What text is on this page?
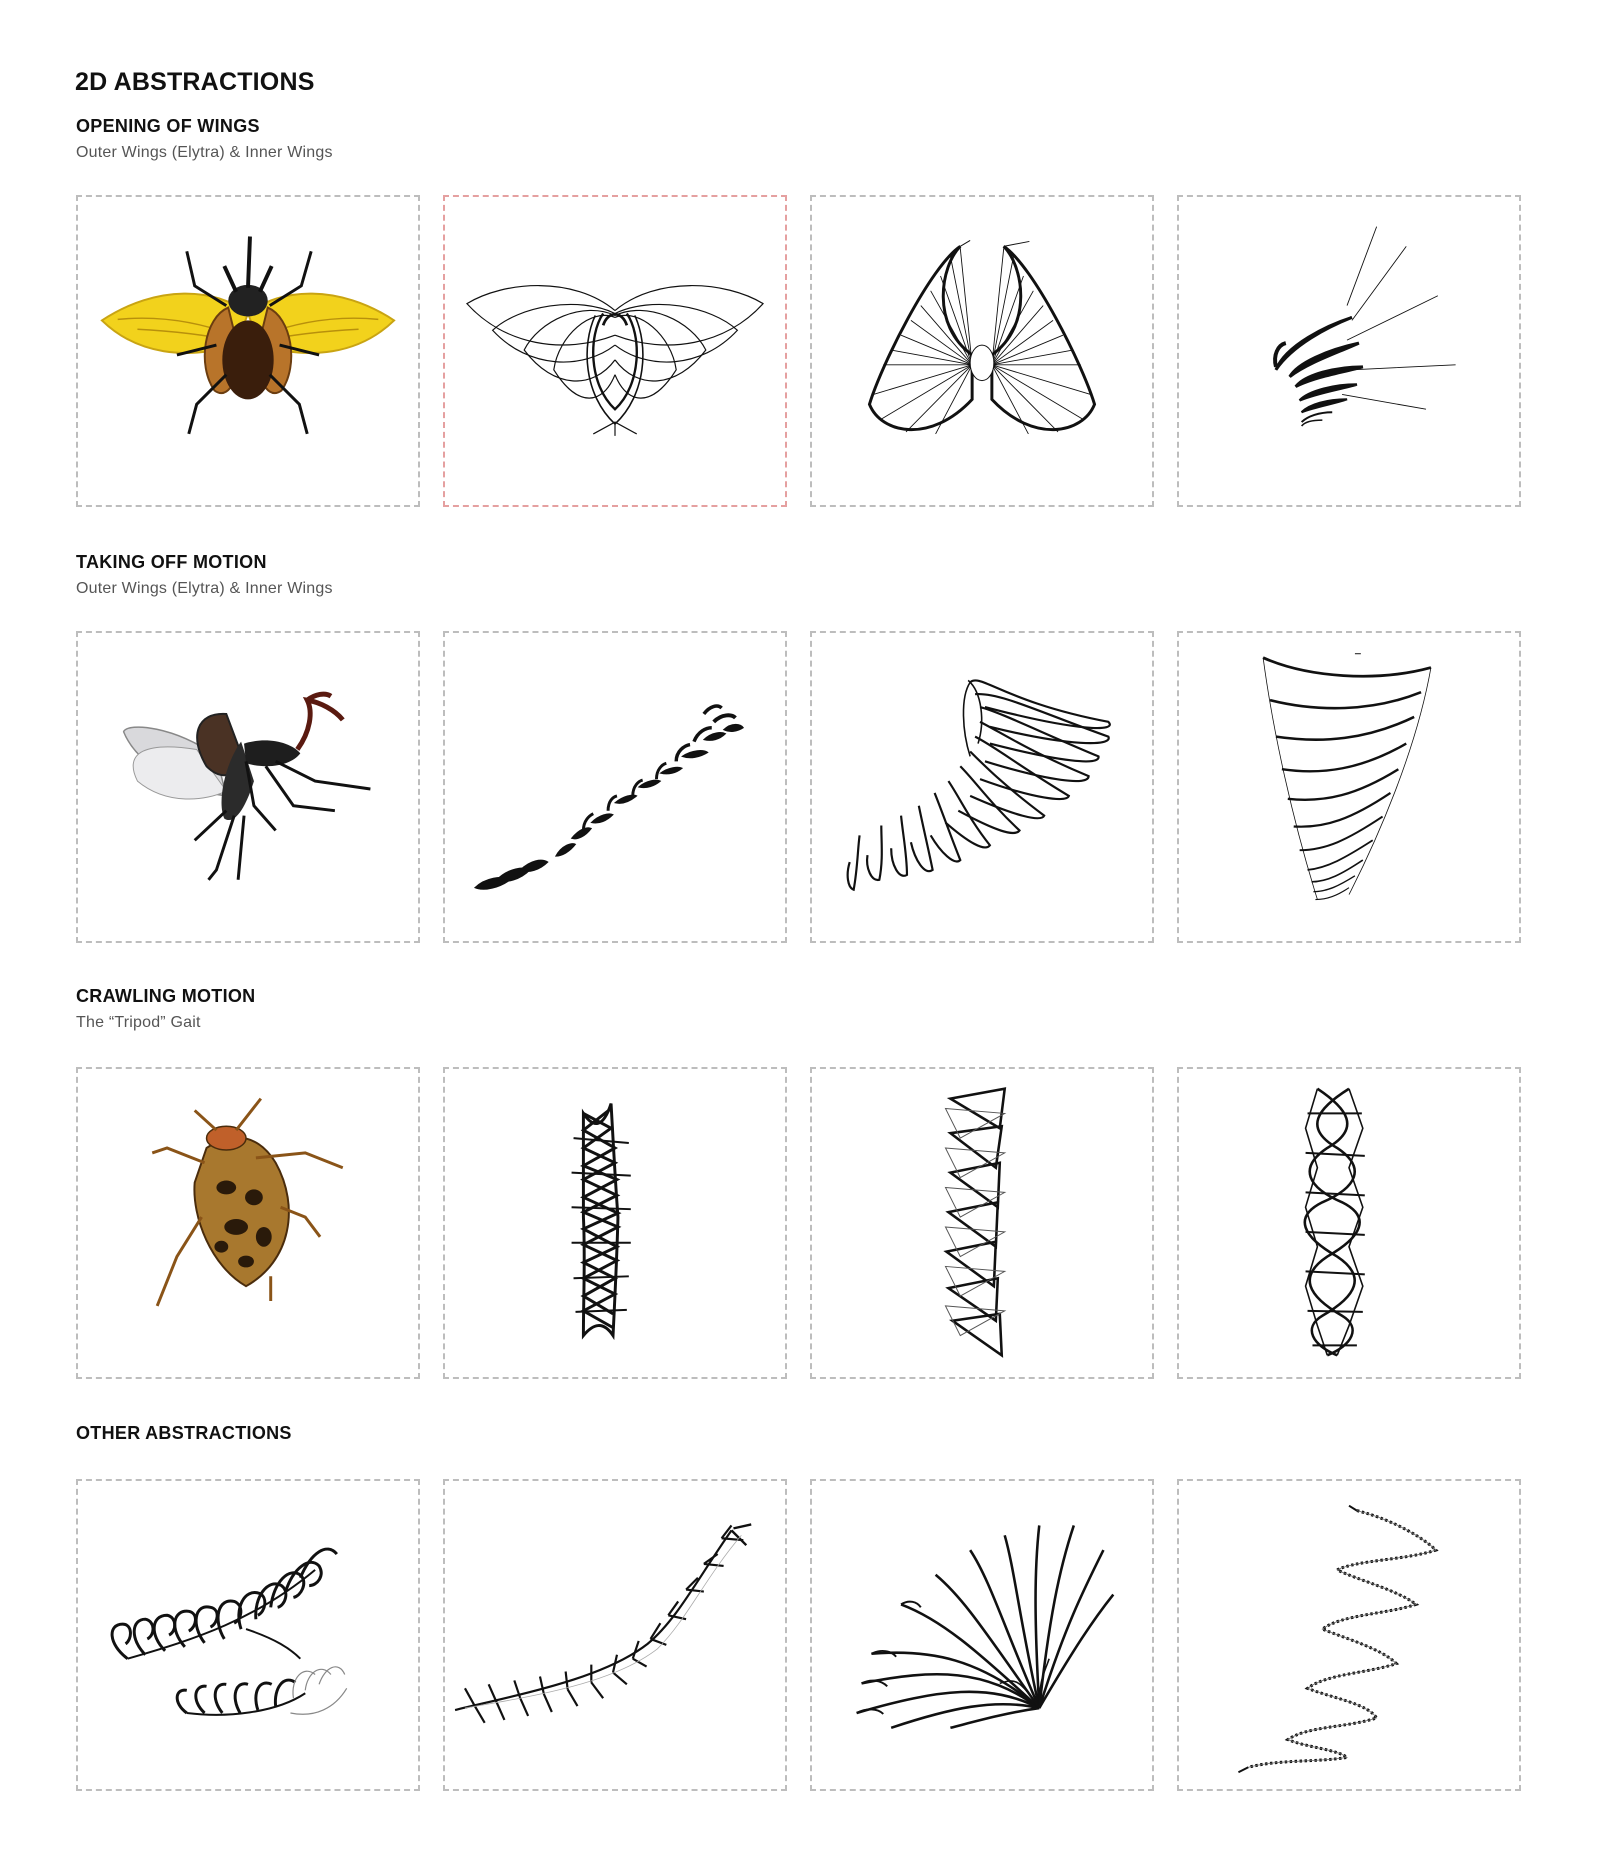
2D ABSTRACTIONS
OPENING OF WINGS
Outer Wings (Elytra) & Inner Wings
TAKING OFF MOTION
Outer Wings (Elytra) & Inner Wings
CRAWLING MOTION
The “Tripod” Gait
OTHER ABSTRACTIONS
